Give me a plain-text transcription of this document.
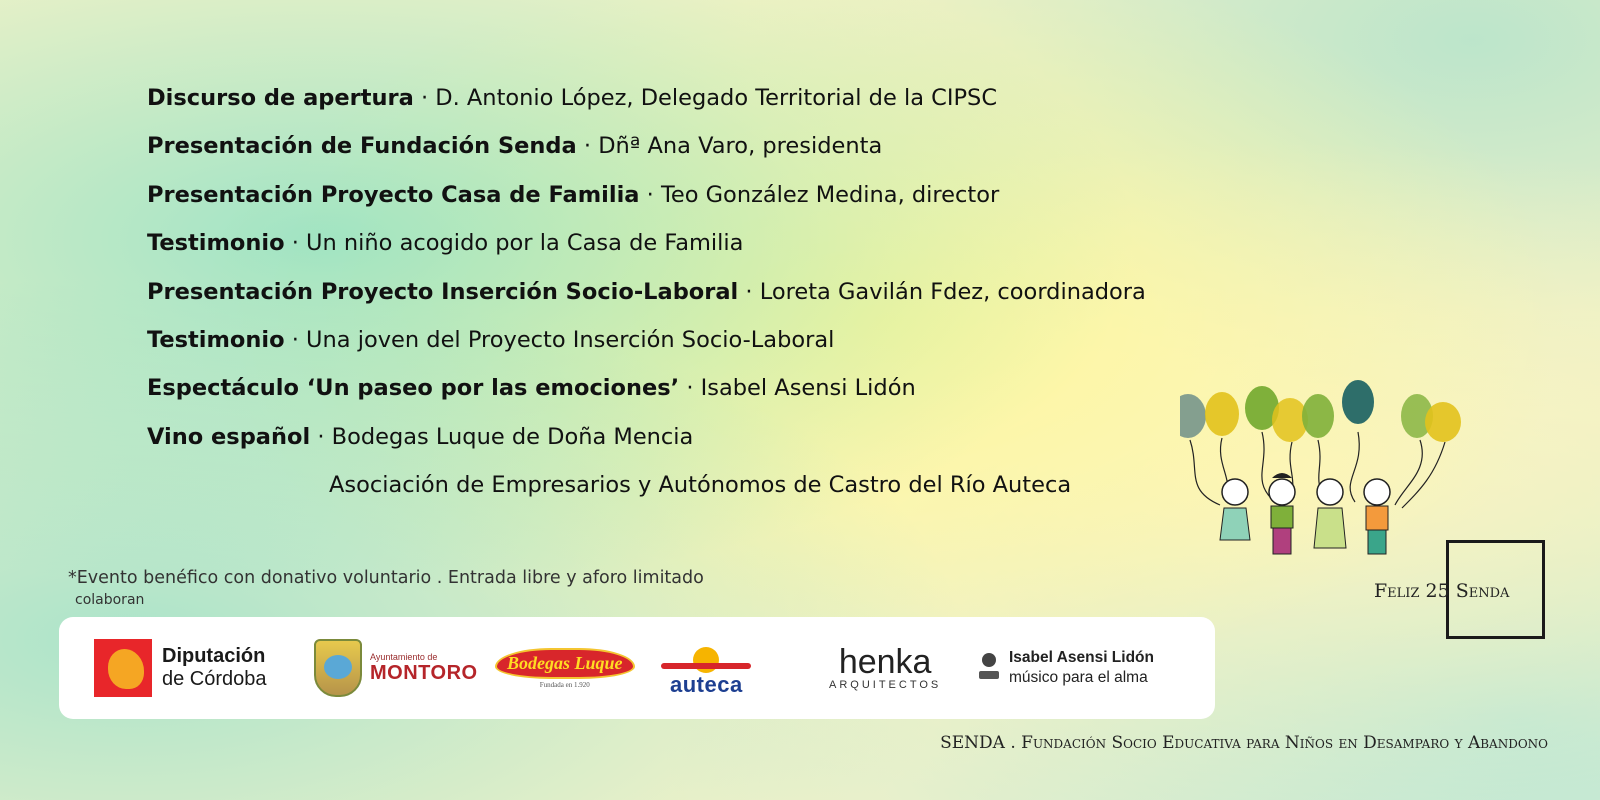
Discurso de apertura · D. Antonio López, Delegado Territorial de la CIPSC
Presentación de Fundación Senda · Dñª Ana Varo, presidenta
Presentación Proyecto Casa de Familia · Teo González Medina, director
Testimonio · Un niño acogido por la Casa de Familia
Presentación Proyecto Inserción Socio-Laboral · Loreta Gavilán Fdez, coordinadora
Testimonio · Una joven del Proyecto Inserción Socio-Laboral
Espectáculo ‘Un paseo por las emociones’ · Isabel Asensi Lidón
Vino español · Bodegas Luque de Doña Mencia
Asociación de Empresarios y Autónomos de Castro del Río Auteca
*Evento benéfico con donativo voluntario . Entrada libre y aforo limitado
colaboran
Diputación
de Córdoba
Ayuntamiento de
MONTORO	Bodegas Luque
Fundada en 1.920	auteca
henka
ARQUITECTOS
Isabel Asensi Lidón
músico para el alma
Feliz 25 Senda
SENDA . Fundación Socio Educativa para Niños en Desamparo y Abandono
